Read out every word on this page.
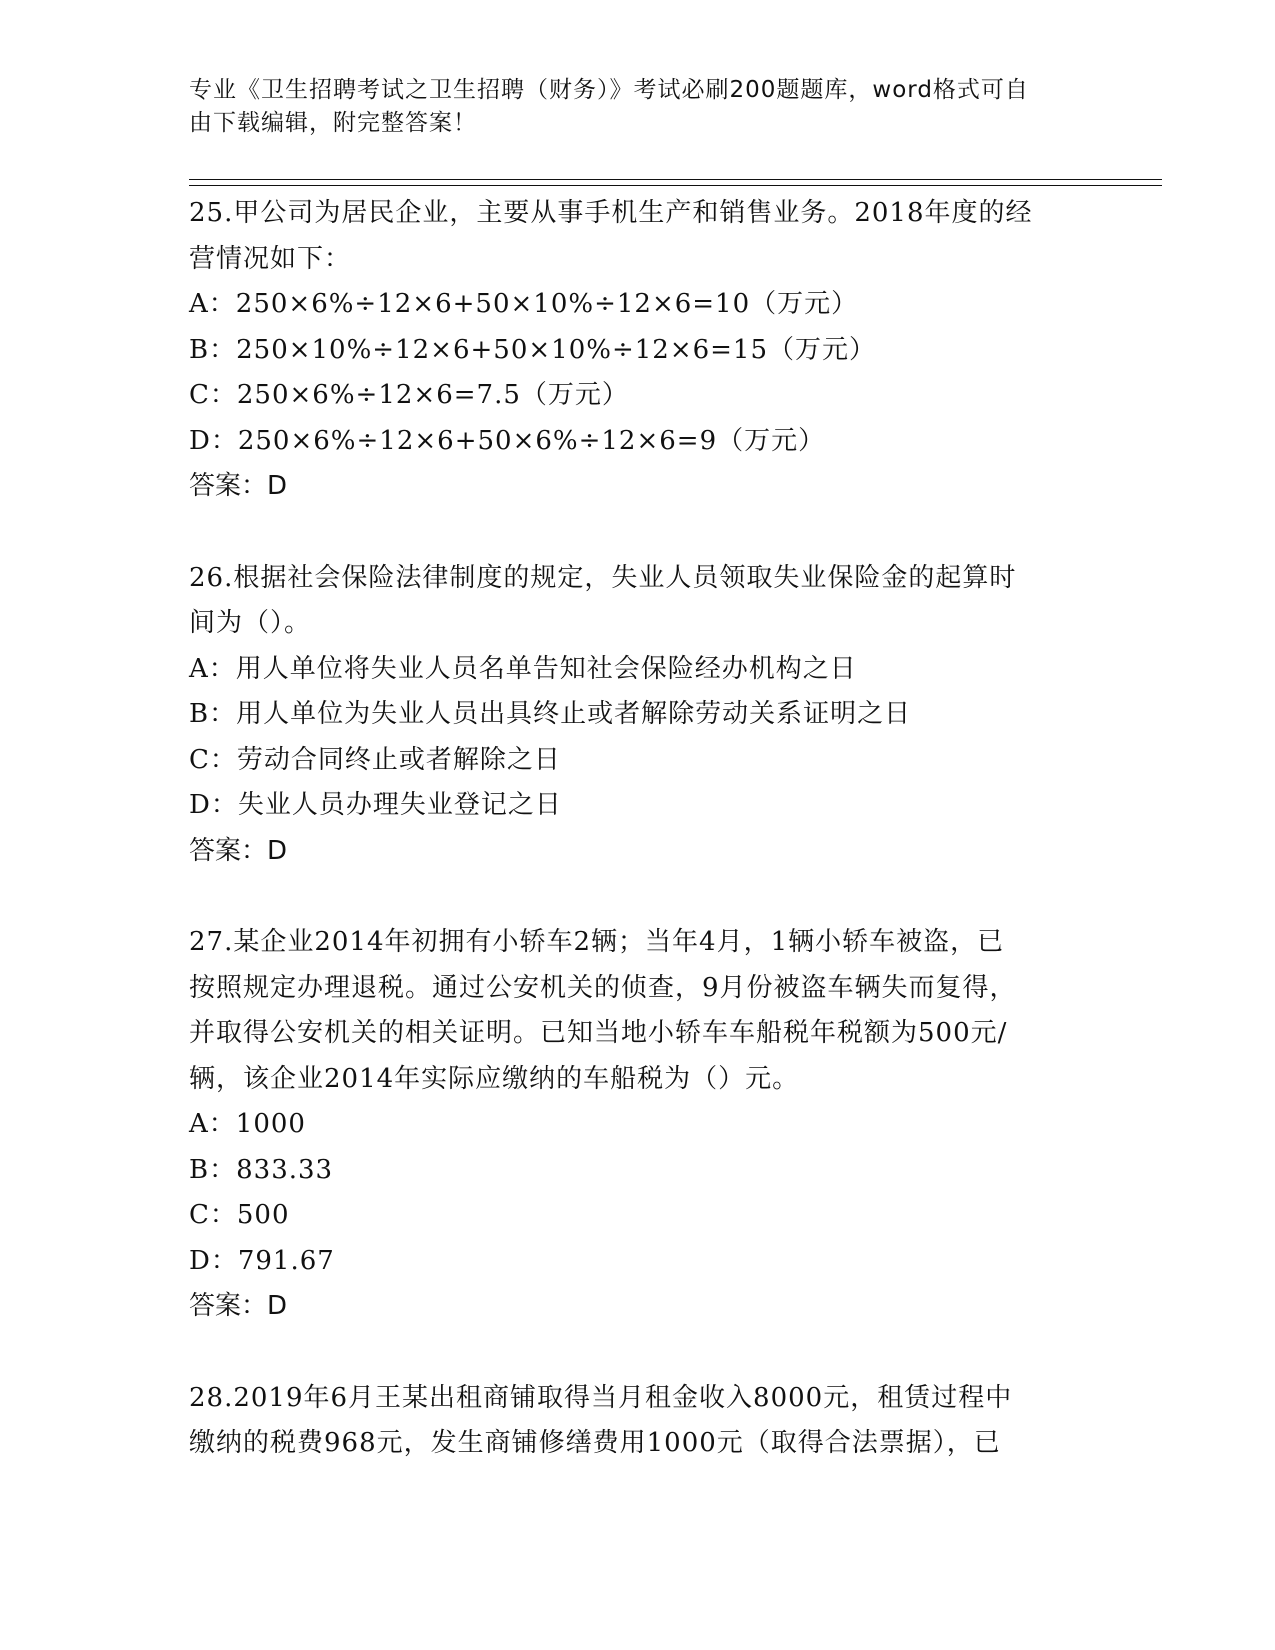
专业《卫生招聘考试之卫生招聘（财务）》考试必刷200题题库，word格式可自
由下载编辑，附完整答案！
25.甲公司为居民企业，主要从事手机生产和销售业务。2018年度的经
营情况如下：
A：250×6%÷12×6+50×10%÷12×6=10（万元）
B：250×10%÷12×6+50×10%÷12×6=15（万元）
C：250×6%÷12×6=7.5（万元）
D：250×6%÷12×6+50×6%÷12×6=9（万元）
答案：D
26.根据社会保险法律制度的规定，失业人员领取失业保险金的起算时
间为（）。
A：用人单位将失业人员名单告知社会保险经办机构之日
B：用人单位为失业人员出具终止或者解除劳动关系证明之日
C：劳动合同终止或者解除之日
D：失业人员办理失业登记之日
答案：D
27.某企业2014年初拥有小轿车2辆；当年4月，1辆小轿车被盗，已
按照规定办理退税。通过公安机关的侦查，9月份被盗车辆失而复得，
并取得公安机关的相关证明。已知当地小轿车车船税年税额为500元/
辆，该企业2014年实际应缴纳的车船税为（）元。
A：1000
B：833.33
C：500
D：791.67
答案：D
28.2019年6月王某出租商铺取得当月租金收入8000元，租赁过程中
缴纳的税费968元，发生商铺修缮费用1000元（取得合法票据），已
